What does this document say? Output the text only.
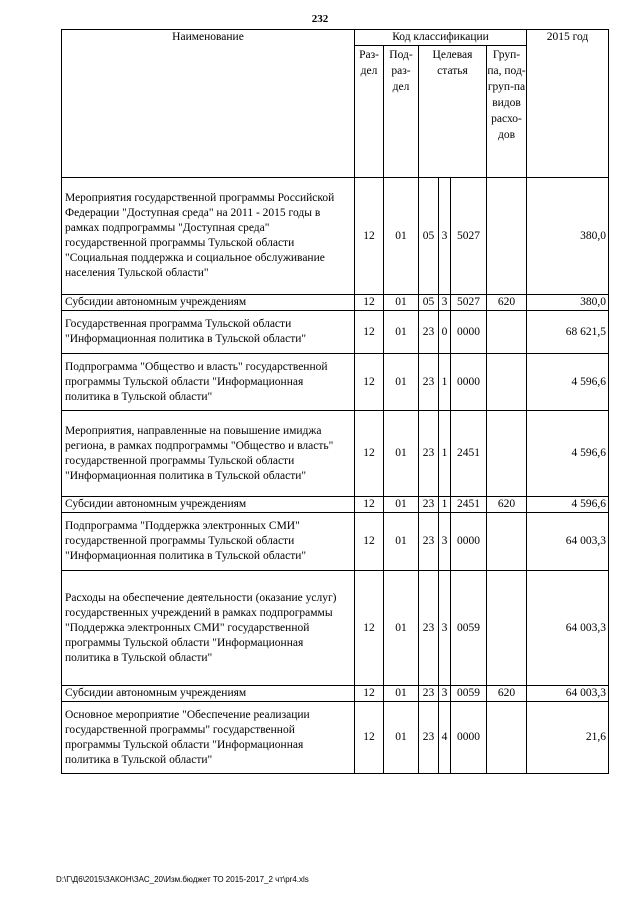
232
Наименование	Код классификации						2015 год
	Раз-дел	Под-раз-дел	Целевая статья			Груп-па, под-груп-па видов расхо-дов	
Мероприятия государственной программы Российской Федерации "Доступная среда" на 2011 - 2015 годы в рамках подпрограммы "Доступная среда" государственной программы Тульской области "Социальная поддержка и социальное обслуживание населения Тульской области"	12	01	05	3	5027		380,0
Субсидии автономным учреждениям	12	01	05	3	5027	620	380,0
Государственная программа Тульской области "Информационная политика в Тульской области"	12	01	23	0	0000		68 621,5
Подпрограмма "Общество и власть" государственной программы Тульской области "Информационная политика в Тульской области"	12	01	23	1	0000		4 596,6
Мероприятия, направленные на повышение имиджа региона, в рамках подпрограммы "Общество и власть" государственной программы Тульской области "Информационная политика в Тульской области"	12	01	23	1	2451		4 596,6
Субсидии автономным учреждениям	12	01	23	1	2451	620	4 596,6
Подпрограмма "Поддержка электронных СМИ" государственной программы Тульской области "Информационная политика в Тульской области"	12	01	23	3	0000		64 003,3
Расходы на обеспечение деятельности (оказание услуг) государственных учреждений в рамках подпрограммы "Поддержка электронных СМИ" государственной программы Тульской области "Информационная политика в Тульской области"	12	01	23	3	0059		64 003,3
Субсидии автономным учреждениям	12	01	23	3	0059	620	64 003,3
Основное мероприятие "Обеспечение реализации государственной программы" государственной программы Тульской области "Информационная политика в Тульской области"	12	01	23	4	0000		21,6
D:\Г\Д6\2015\ЗАКОН\ЗАС_20\Изм.бюджет ТО 2015-2017_2 чт\pr4.xls
